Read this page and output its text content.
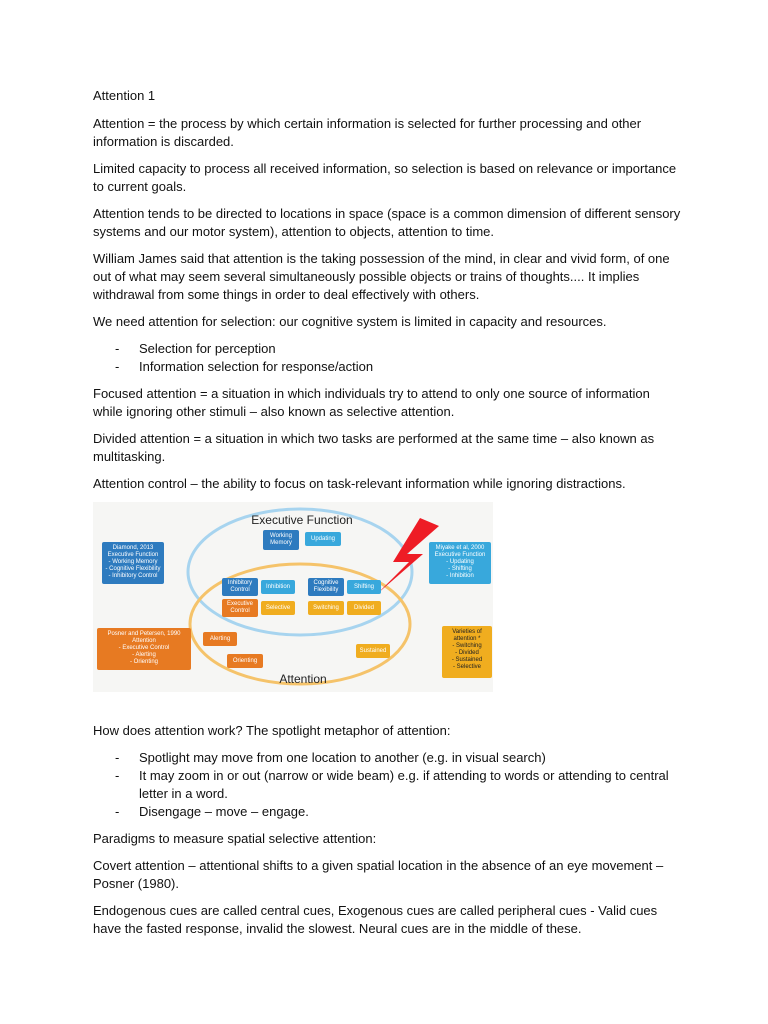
Attention 1

Attention = the process by which certain information is selected for further processing and other information is discarded.

Limited capacity to process all received information, so selection is based on relevance or importance to current goals.

Attention tends to be directed to locations in space (space is a common dimension of different sensory systems and our motor system), attention to objects, attention to time.

William James said that attention is the taking possession of the mind, in clear and vivid form, of one out of what may seem several simultaneously possible objects or trains of thoughts.... It implies withdrawal from some things in order to deal effectively with others.

We need attention for selection: our cognitive system is limited in capacity and resources.

-	Selection for perception
-	Information selection for response/action

Focused attention = a situation in which individuals try to attend to only one source of information while ignoring other stimuli – also known as selective attention.

Divided attention = a situation in which two tasks are performed at the same time – also known as multitasking.

Attention control – the ability to focus on task-relevant information while ignoring distractions.

Executive Function
Attention
Working Memory
Updating
Inhibitory Control
Inhibition
Cognitive Flexibility
Shifting
Executive Control
Selective	Switching	Divided
Alerting
Orienting
Sustained
Diamond, 2013 Executive Function
- Working Memory
- Cognitive Flexibility
- Inhibitory Control
Miyake et al, 2000 Executive Function
- Updating
- Shifting
- Inhibition
Posner and Petersen, 1990 Attention
- Executive Control
- Alerting
- Orienting
Varieties of attention *
- Switching
- Divided
- Sustained
- Selective

How does attention work? The spotlight metaphor of attention:

-	Spotlight may move from one location to another (e.g. in visual search)
-	It may zoom in or out (narrow or wide beam) e.g. if attending to words or attending to central letter in a word.
-	Disengage – move – engage.

Paradigms to measure spatial selective attention:

Covert attention – attentional shifts to a given spatial location in the absence of an eye movement – Posner (1980).

Endogenous cues are called central cues, Exogenous cues are called peripheral cues - Valid cues have the fasted response, invalid the slowest. Neural cues are in the middle of these.
